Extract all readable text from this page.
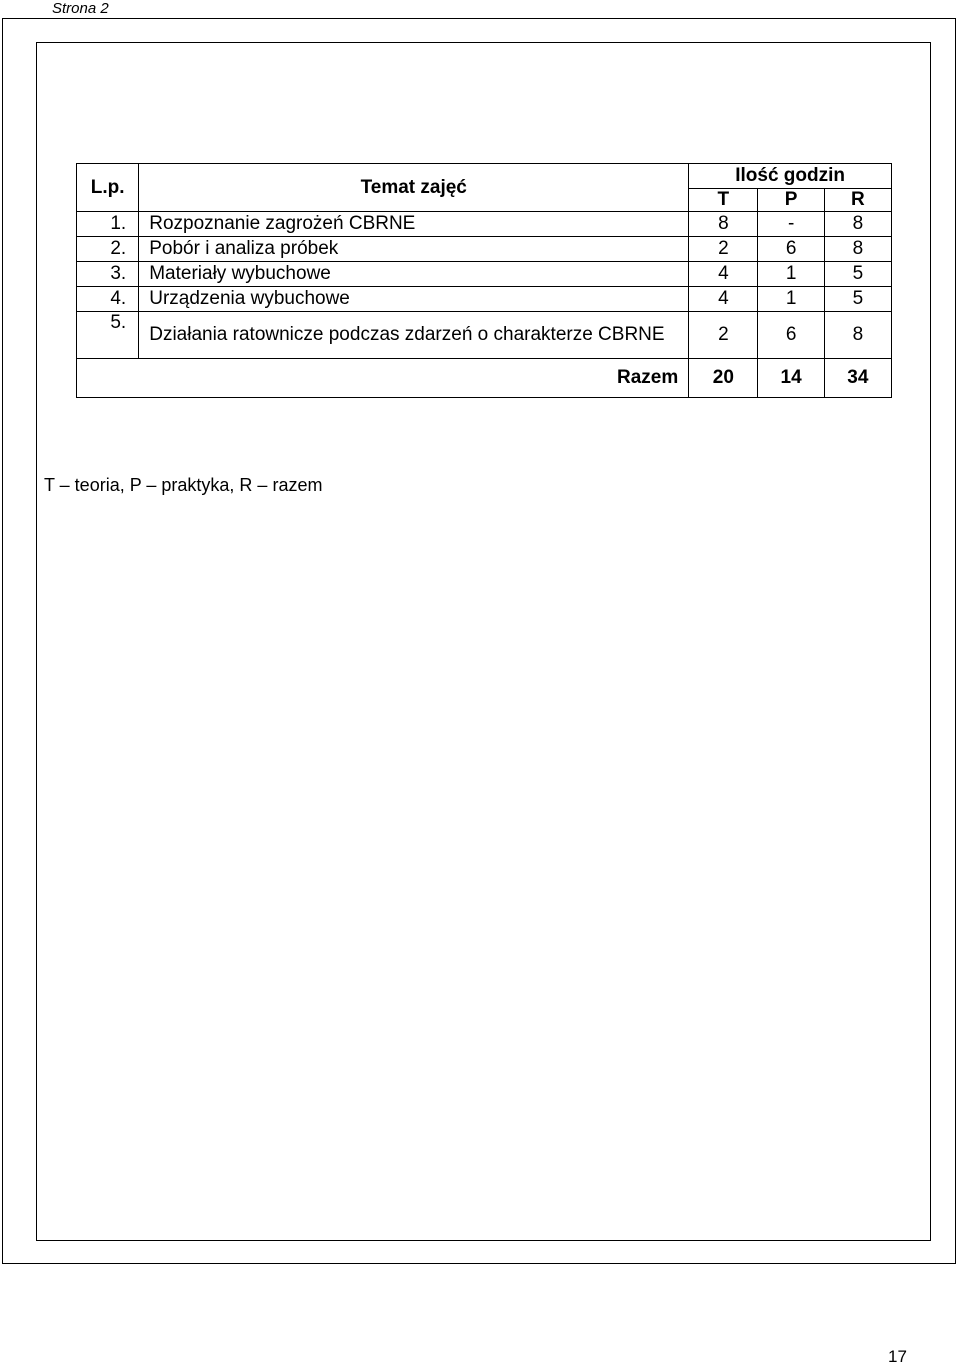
Strona 2
L.p.	Temat zajęć	Ilość godzin		
		T	P	R
1.	Rozpoznanie zagrożeń CBRNE	8	-	8
2.	Pobór i analiza próbek	2	6	8
3.	Materiały wybuchowe	4	1	5
4.	Urządzenia wybuchowe	4	1	5
5.	Działania ratownicze podczas zdarzeń o charakterze CBRNE	2	6	8
Razem		20	14	34
T – teoria, P – praktyka, R – razem
17
